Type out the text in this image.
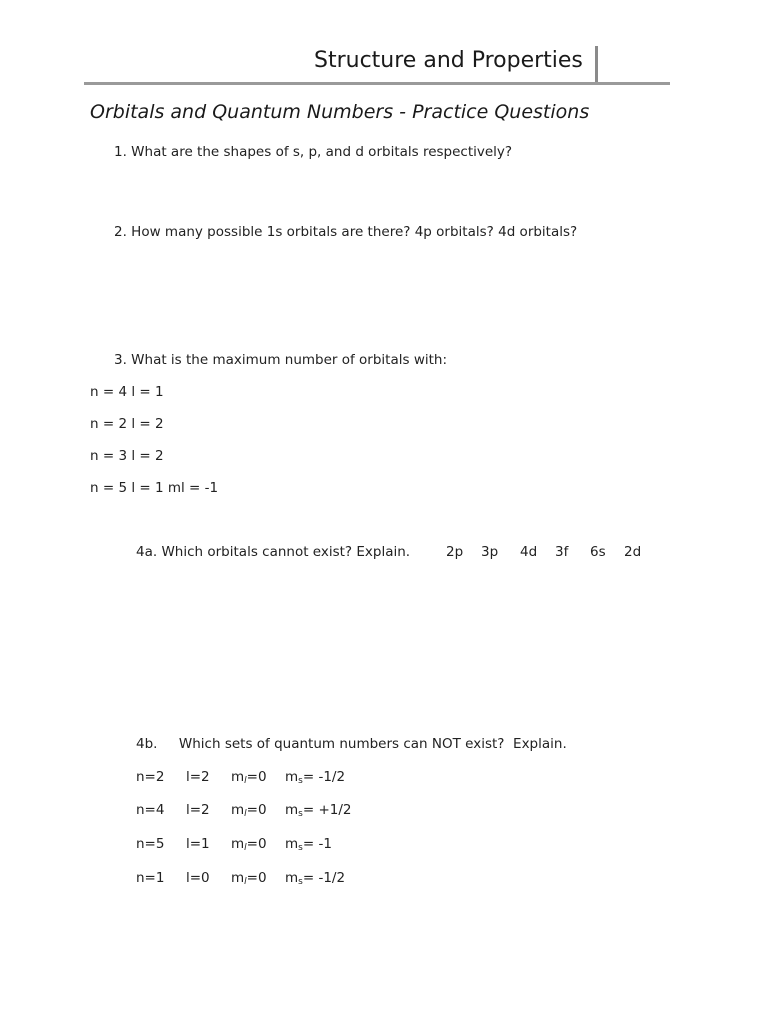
Structure and Properties
Orbitals and Quantum Numbers - Practice Questions
1. What are the shapes of s, p, and d orbitals respectively?
2. How many possible 1s orbitals are there? 4p orbitals? 4d orbitals?
3. What is the maximum number of orbitals with:
n = 4 l = 1
n = 2 l = 2
n = 3 l = 2
n = 5 l = 1 ml = -1
4a. Which orbitals cannot exist? Explain.	2p 3p 4d 3f 6s 2d
4b.     Which sets of quantum numbers can NOT exist?  Explain.
n=2 l=2 $m_l=0$ ms= -1/2
n=4 l=2 $m_l=0$ ms= +1/2
n=5 l=1 $m_l=0$ ms= -1
n=1 l=0 $m_l=0$ ms= -1/2
